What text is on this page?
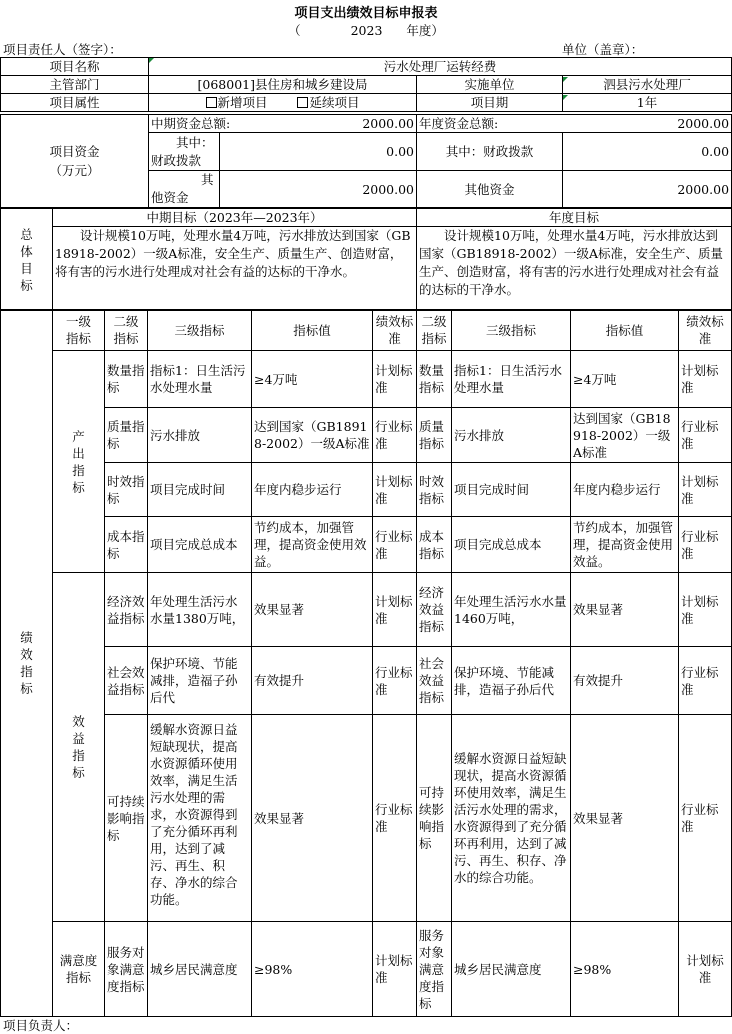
项目支出绩效目标申报表
（	2023 年度）
项目责任人（签字）：	单位（盖章）：
项目名称	污水处理厂运转经费		
主管部门	[068001]县住房和城乡建设局	实施单位	泗县污水处理厂
项目属性	新增项目 延续项目	项目期	1年
项目资金（万元）	中期资金总额: 2000.00		年度资金总额: 2000.00	

	其中：财政拨款	0.00	其中：财政拨款	0.00

	其他资金	2000.00	其他资金	2000.00
总体目标	中期目标（2023年—2023年）	年度目标

	设计规模10万吨，处理水量4万吨，污水排放达到国家（GB18918-2002）一级A标准，安全生产、质量生产、创造财富，将有害的污水进行处理成对社会有益的达标的干净水。	设计规模10万吨，处理水量4万吨，污水排放达到国家（GB18918-2002）一级A标准，安全生产、质量生产、创造财富，将有害的污水进行处理成对社会有益的达标的干净水。
绩效指标	一级指标	二级指标	三级指标	指标值	绩效标准	二级指标	三级指标	指标值	绩效标准

	产出指标	数量指标	指标1：日生活污水处理水量	≥4万吨	计划标准	数量指标	指标1：日生活污水处理水量	≥4万吨	计划标准
		质量指标	污水排放	达到国家（GB18918-2002）一级A标准	行业标准	质量指标	污水排放	达到国家（GB18918-2002）一级A标准	行业标准
		时效指标	项目完成时间	年度内稳步运行	计划标准	时效指标	项目完成时间	年度内稳步运行	计划标准
		成本指标	项目完成总成本	节约成本，加强管理，提高资金使用效益。	行业标准	成本指标	项目完成总成本	节约成本，加强管理，提高资金使用效益。	行业标准

	效益指标	经济效益指标	年处理生活污水水量1380万吨，	效果显著	计划标准	经济效益指标	年处理生活污水水量1460万吨，	效果显著	计划标准
		社会效益指标	保护环境、节能减排，造福子孙后代	有效提升	行业标准	社会效益指标	保护环境、节能减排，造福子孙后代	有效提升	行业标准
		可持续影响指标	缓解水资源日益短缺现状，提高水资源循环使用效率，满足生活污水处理的需求，水资源得到了充分循环再利用，达到了减污、再生、积存、净水的综合功能。	效果显著	行业标准	可持续影响指标	缓解水资源日益短缺现状，提高水资源循环使用效率，满足生活污水处理的需求，水资源得到了充分循环再利用，达到了减污、再生、积存、净水的综合功能。	效果显著	行业标准

	满意度指标	服务对象满意度指标	城乡居民满意度	≥98%	计划标准	服务对象满意度指标	城乡居民满意度	≥98%	计划标准
项目负责人：
